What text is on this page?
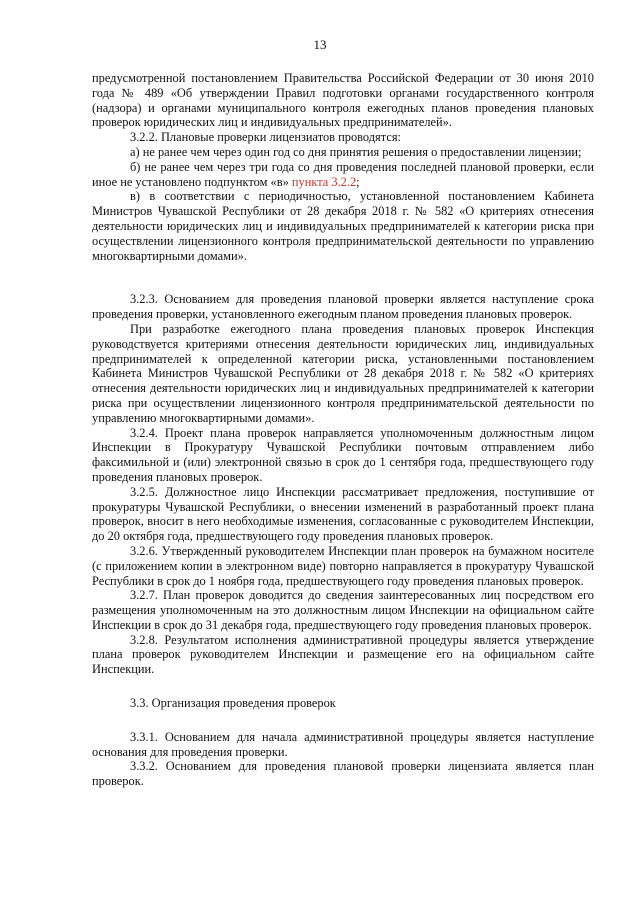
13

предусмотренной постановлением Правительства Российской Федерации от 30 июня 2010 года № 489 «Об утверждении Правил подготовки органами государственного контроля (надзора) и органами муниципального контроля ежегодных планов проведения плановых проверок юридических лиц и индивидуальных предпринимателей».

3.2.2. Плановые проверки лицензиатов проводятся:

а) не ранее чем через один год со дня принятия решения о предоставлении лицензии;

б) не ранее чем через три года со дня проведения последней плановой проверки, если иное не установлено подпунктом «в» пункта 3.2.2;

в) в соответствии с периодичностью, установленной постановлением Кабинета Министров Чувашской Республики от 28 декабря 2018 г. № 582 «О критериях отнесения деятельности юридических лиц и индивидуальных предпринимателей к категории риска при осуществлении лицензионного контроля предпринимательской деятельности по управлению многоквартирными домами».

3.2.3. Основанием для проведения плановой проверки является наступление срока проведения проверки, установленного ежегодным планом проведения плановых проверок.

При разработке ежегодного плана проведения плановых проверок Инспекция руководствуется критериями отнесения деятельности юридических лиц, индивидуальных предпринимателей к определенной категории риска, установленными постановлением Кабинета Министров Чувашской Республики от 28 декабря 2018 г. № 582 «О критериях отнесения деятельности юридических лиц и индивидуальных предпринимателей к категории риска при осуществлении лицензионного контроля предпринимательской деятельности по управлению многоквартирными домами».

3.2.4. Проект плана проверок направляется уполномоченным должностным лицом Инспекции в Прокуратуру Чувашской Республики почтовым отправлением либо факсимильной и (или) электронной связью в срок до 1 сентября года, предшествующего году проведения плановых проверок.

3.2.5. Должностное лицо Инспекции рассматривает предложения, поступившие от прокуратуры Чувашской Республики, о внесении изменений в разработанный проект плана проверок, вносит в него необходимые изменения, согласованные с руководителем Инспекции, до 20 октября года, предшествующего году проведения плановых проверок.

3.2.6. Утвержденный руководителем Инспекции план проверок на бумажном носителе (с приложением копии в электронном виде) повторно направляется в прокуратуру Чувашской Республики в срок до 1 ноября года, предшествующего году проведения плановых проверок.

3.2.7. План проверок доводится до сведения заинтересованных лиц посредством его размещения уполномоченным на это должностным лицом Инспекции на официальном сайте Инспекции в срок до 31 декабря года, предшествующего году проведения плановых проверок.

3.2.8. Результатом исполнения административной процедуры является утверждение плана проверок руководителем Инспекции и размещение его на официальном сайте Инспекции.

3.3. Организация проведения проверок

3.3.1. Основанием для начала административной процедуры является наступление основания для проведения проверки.

3.3.2. Основанием для проведения плановой проверки лицензиата является план проверок.
